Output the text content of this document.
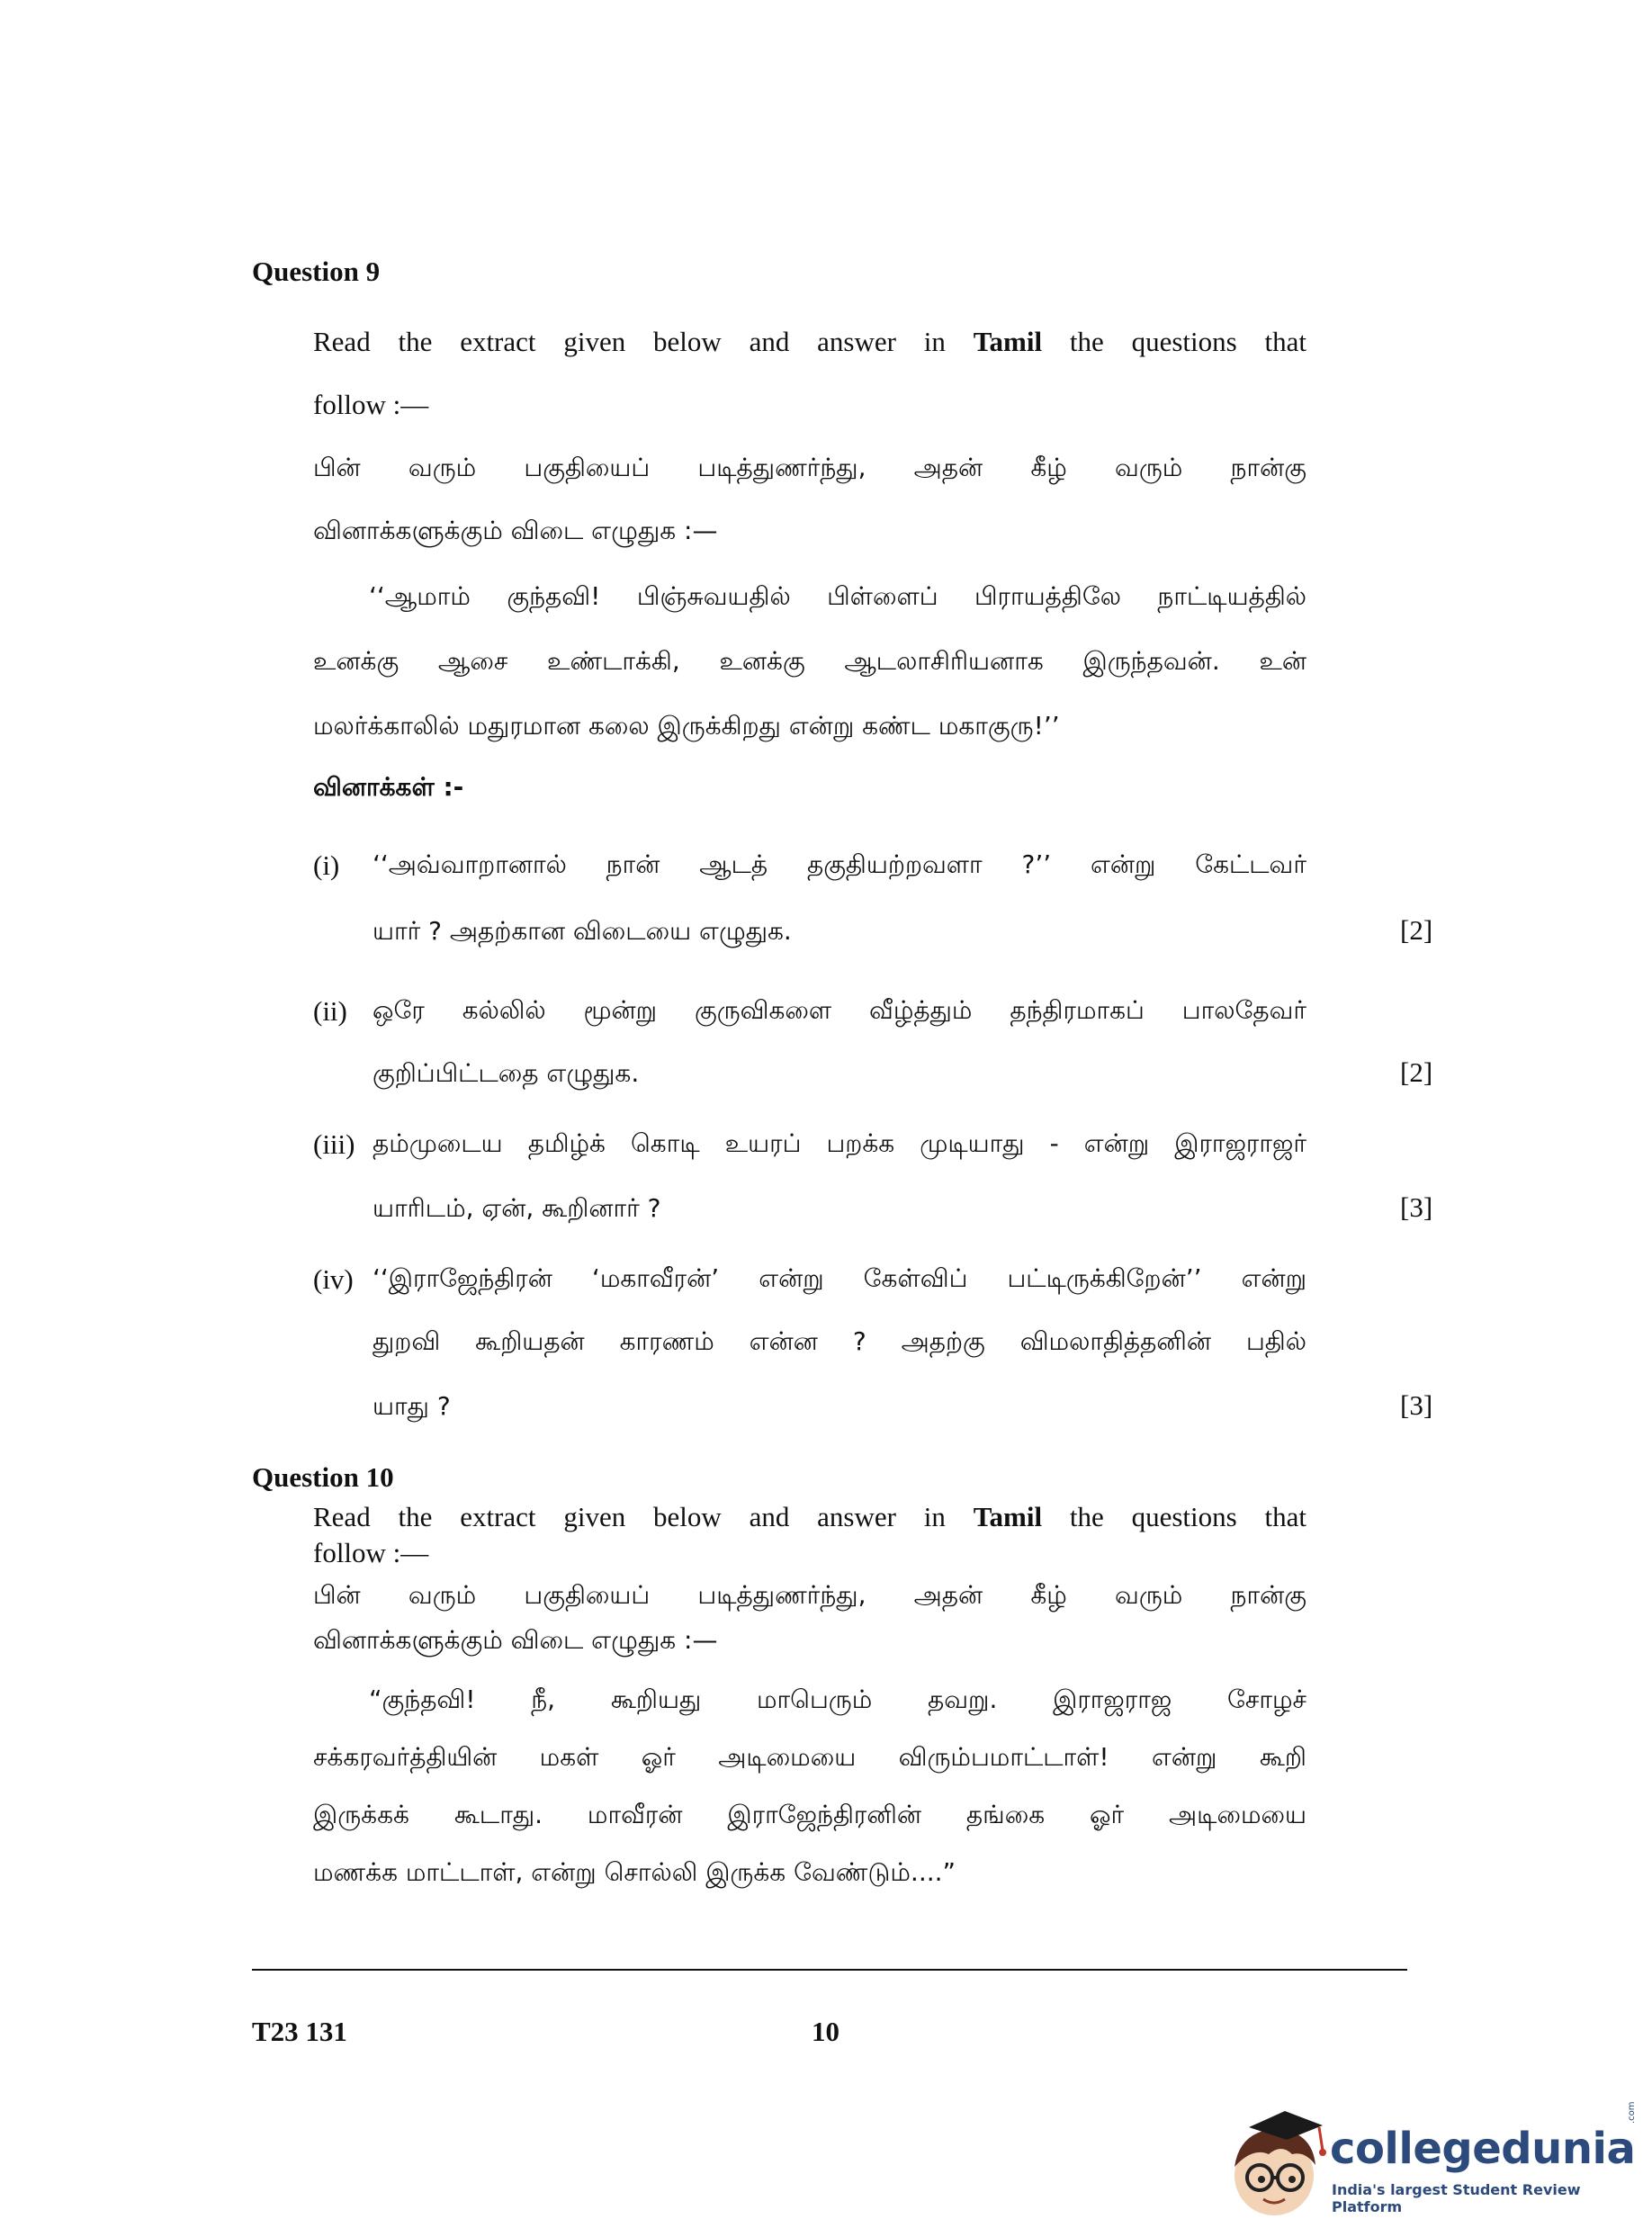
Question 9
Read the extract given below and answer in Tamil the questions that
follow :—
பின் வரும் பகுதியைப் படித்துணர்ந்து, அதன் கீழ் வரும் நான்கு
வினாக்களுக்கும் விடை எழுதுக :—
‘‘ஆமாம் குந்தவி! பிஞ்சுவயதில் பிள்ளைப் பிராயத்திலே நாட்டியத்தில்
உனக்கு ஆசை உண்டாக்கி, உனக்கு ஆடலாசிரியனாக இருந்தவன். உன்
மலர்க்காலில் மதுரமான கலை இருக்கிறது என்று கண்ட மகாகுரு!’’
வினாக்கள் :-
(i) ‘‘அவ்வாறானால் நான் ஆடத் தகுதியற்றவளா ?’’ என்று கேட்டவர்
யார் ? அதற்கான விடையை எழுதுக.	[2]
(ii) ஒரே கல்லில் மூன்று குருவிகளை வீழ்த்தும் தந்திரமாகப் பாலதேவர்
குறிப்பிட்டதை எழுதுக.	[2]
(iii) தம்முடைய தமிழ்க் கொடி உயரப் பறக்க முடியாது - என்று இராஜராஜர்
யாரிடம், ஏன், கூறினார் ?	[3]
(iv) ‘‘இராஜேந்திரன் ‘மகாவீரன்’ என்று கேள்விப் பட்டிருக்கிறேன்’’ என்று
துறவி கூறியதன் காரணம் என்ன ? அதற்கு விமலாதித்தனின் பதில்
யாது ?	[3]
Question 10
Read the extract given below and answer in Tamil the questions that
follow :—
பின் வரும் பகுதியைப் படித்துணர்ந்து, அதன் கீழ் வரும் நான்கு
வினாக்களுக்கும் விடை எழுதுக :—
“குந்தவி! நீ, கூறியது மாபெரும் தவறு. இராஜராஜ சோழச்
சக்கரவர்த்தியின் மகள் ஓர் அடிமையை விரும்பமாட்டாள்! என்று கூறி
இருக்கக் கூடாது. மாவீரன் இராஜேந்திரனின் தங்கை ஓர் அடிமையை
மணக்க மாட்டாள், என்று சொல்லி இருக்க வேண்டும்....”
T23 131	10
collegedunia
.com
India's largest Student Review Platform
